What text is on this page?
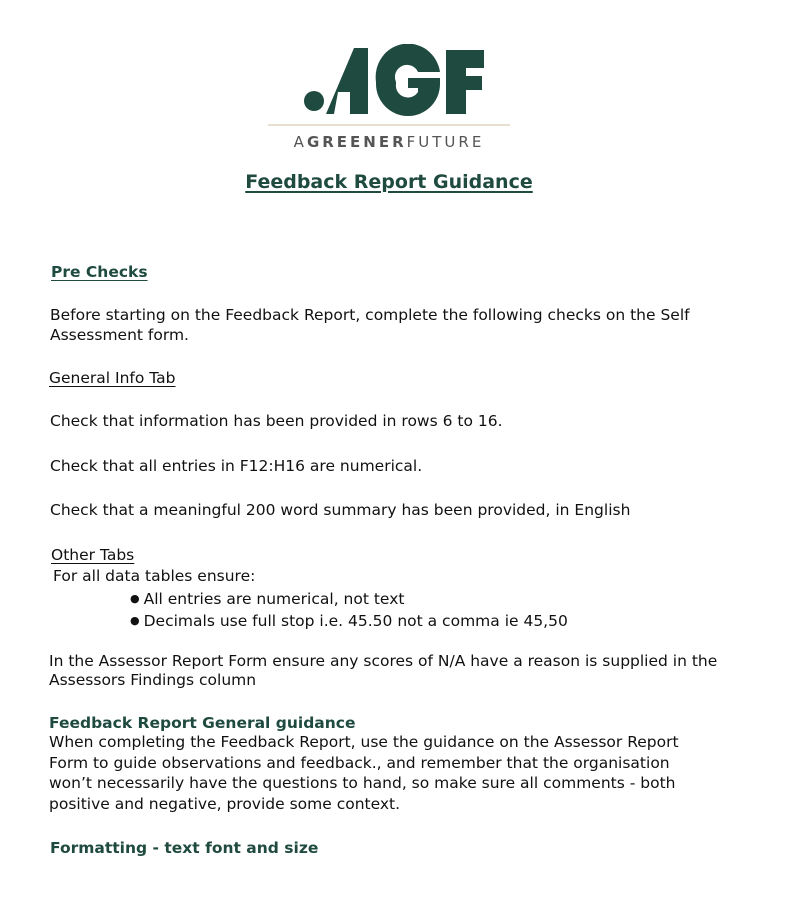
AGREENERFUTURE
Feedback Report Guidance
Pre Checks
Before starting on the Feedback Report, complete the following checks on the Self
Assessment form.
General Info Tab
Check that information has been provided in rows 6 to 16.
Check that all entries in F12:H16 are numerical.
Check that a meaningful 200 word summary has been provided, in English
Other Tabs
For all data tables ensure:
● All entries are numerical, not text
● Decimals use full stop i.e. 45.50 not a comma ie 45,50
In the Assessor Report Form ensure any scores of N/A have a reason is supplied in the
Assessors Findings column
Feedback Report General guidance
When completing the Feedback Report, use the guidance on the Assessor Report
Form to guide observations and feedback., and remember that the organisation
won’t necessarily have the questions to hand, so make sure all comments - both
positive and negative, provide some context.
Formatting - text font and size
